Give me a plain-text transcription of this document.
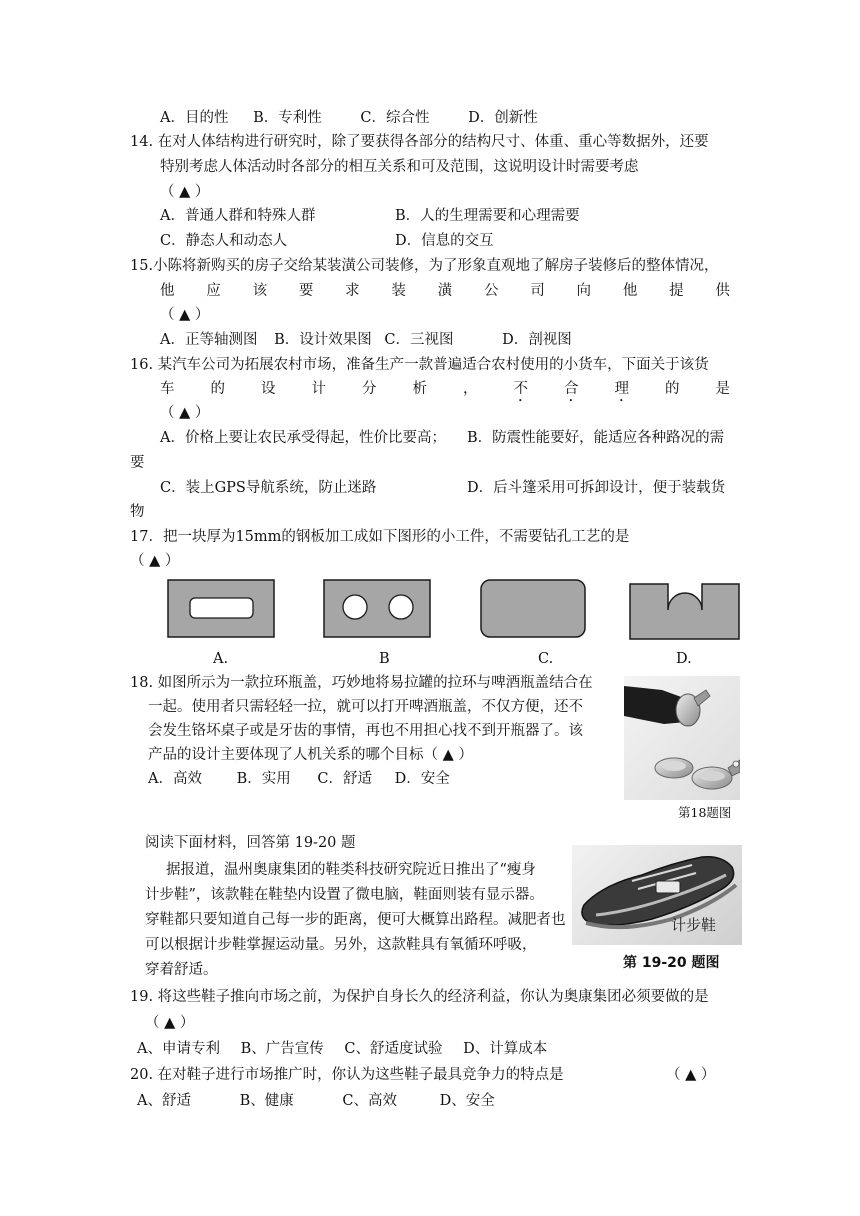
A．目的性 B．专利性	C．综合性	D．创新性
14. 在对人体结构进行研究时，除了要获得各部分的结构尺寸、体重、重心等数据外，还要
特别考虑人体活动时各部分的相互关系和可及范围，这说明设计时需要考虑
（ ▲ ）
A．普通人群和特殊人群	B．人的生理需要和心理需要
C．静态人和动态人	D．信息的交互
15.小陈将新购买的房子交给某装潢公司装修，为了形象直观地了解房子装修后的整体情况，
他 应 该 要 求 装 潢 公 司 向 他 提 供
（ ▲ ）
A．正等轴测图 B．设计效果图 C．三视图	D．剖视图
16. 某汽车公司为拓展农村市场，准备生产一款普遍适合农村使用的小货车，下面关于该货
车 的 设 计 分 析 ， 不 合 理 的 是
（ ▲ ）
A．价格上要让农民承受得起，性价比要高； B．防震性能要好，能适应各种路况的需
要
C．装上GPS导航系统，防止迷路	D．后斗篷采用可拆卸设计，便于装载货
物
17．把一块厚为15mm的钢板加工成如下图形的小工件，不需要钻孔工艺的是
（ ▲ ）
A.	B	C.	D.
18. 如图所示为一款拉环瓶盖，巧妙地将易拉罐的拉环与啤酒瓶盖结合在
一起。使用者只需轻轻一拉，就可以打开啤酒瓶盖，不仅方便，还不
会发生铬坏桌子或是牙齿的事情，再也不用担心找不到开瓶器了。该
产品的设计主要体现了人机关系的哪个目标（ ▲ ）
A．高效 B．实用 C．舒适 D．安全
第18题图
阅读下面材料，回答第 19-20 题
据报道，温州奥康集团的鞋类科技研究院近日推出了“瘦身
计步鞋”，该款鞋在鞋垫内设置了微电脑，鞋面则装有显示器。
穿鞋都只要知道自己每一步的距离，便可大概算出路程。减肥者也
可以根据计步鞋掌握运动量。另外，这款鞋具有氧循环呼吸，
穿着舒适。
计步鞋
第 19-20 题图
19. 将这些鞋子推向市场之前，为保护自身长久的经济利益，你认为奥康集团必须要做的是
（ ▲ ）
A、申请专利 B、广告宣传 C、舒适度试验 D、计算成本
20. 在对鞋子进行市场推广时，你认为这些鞋子最具竞争力的特点是	（ ▲ ）
A、舒适	B、健康	C、高效	D、安全
